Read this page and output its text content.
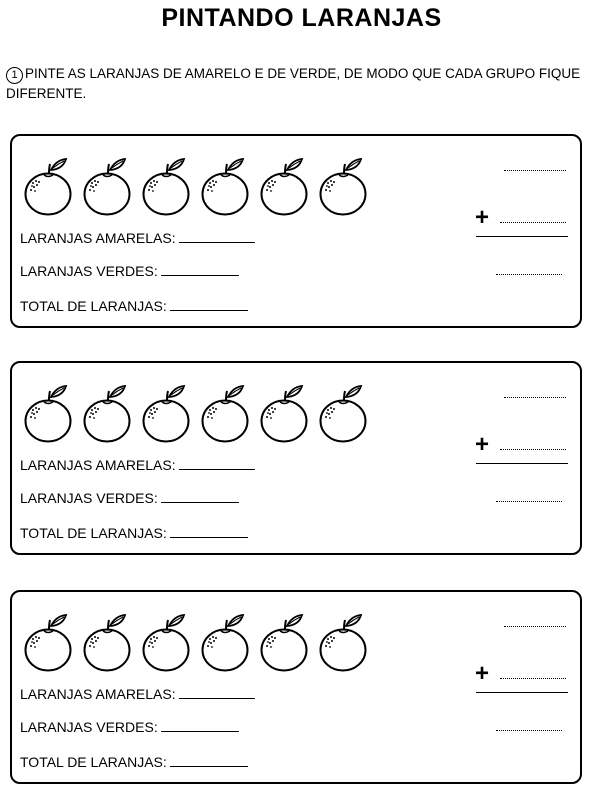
PINTANDO LARANJAS
1 PINTE AS LARANJAS DE AMARELO E DE VERDE, DE MODO QUE CADA GRUPO FIQUE DIFERENTE.
LARANJAS AMARELAS:
LARANJAS VERDES:
TOTAL DE LARANJAS:
+
LARANJAS AMARELAS:
LARANJAS VERDES:
TOTAL DE LARANJAS:
+
LARANJAS AMARELAS:
LARANJAS VERDES:
TOTAL DE LARANJAS:
+
